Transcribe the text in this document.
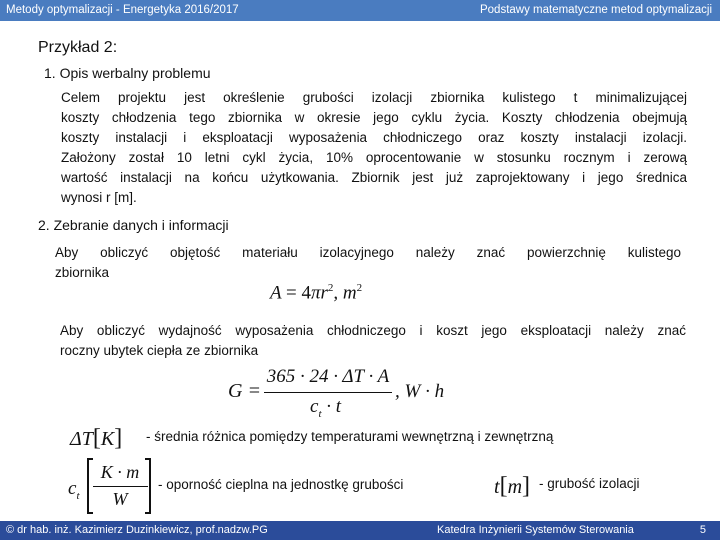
Metody optymalizacji - Energetyka 2016/2017	Podstawy matematyczne metod optymalizacji
Przykład 2:
1. Opis werbalny problemu
Celem projektu jest określenie grubości izolacji zbiornika kulistego t minimalizującej
koszty chłodzenia tego zbiornika w okresie jego cyklu życia. Koszty chłodzenia obejmują
koszty instalacji i eksploatacji wyposażenia chłodniczego oraz koszty instalacji izolacji.
Założony został 10 letni cykl życia, 10% oprocentowanie w stosunku rocznym i zerową
wartość instalacji na końcu użytkowania. Zbiornik jest już zaprojektowany i jego średnica
wynosi r [m].
2. Zebranie danych i informacji
Aby obliczyć objętość materiału izolacyjnego należy znać powierzchnię kulistego
zbiornika
$A = 4\pi r^2$, $m^2$
Aby obliczyć wydajność wyposażenia chłodniczego i koszt jego eksploatacji należy znać
roczny ubytek ciepła ze zbiornika
G =
365 · 24 · ΔT · A
$c_t \cdot t$
, W · h
ΔT[K] - średnia różnica pomiędzy temperaturami wewnętrzną i zewnętrzną
$c_t$
K · m
W
- oporność cieplna na jednostkę grubości	t[m] - grubość izolacji
© dr hab. inż. Kazimierz Duzinkiewicz, prof.nadzw.PG	Katedra Inżynierii Systemów Sterowania	5
